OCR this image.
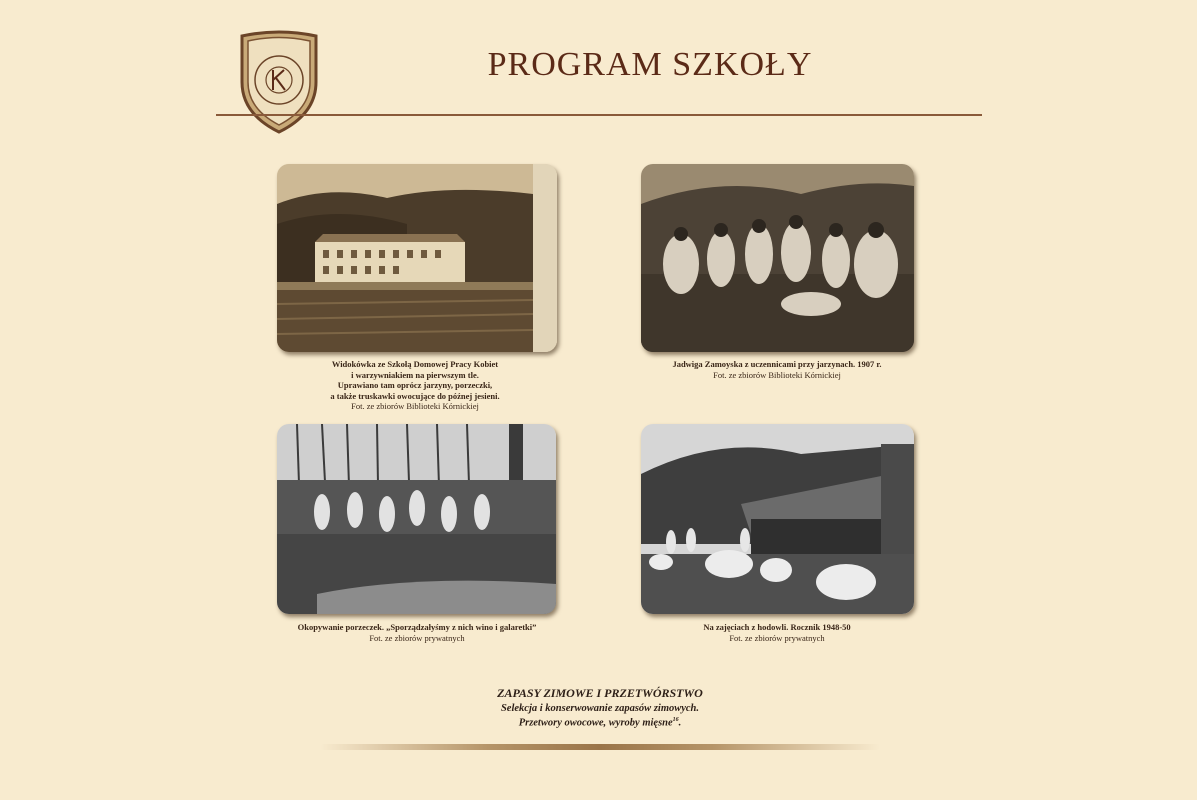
PROGRAM SZKOŁY
Widokówka ze Szkołą Domowej Pracy Kobiet
i warzywniakiem na pierwszym tle.
Uprawiano tam oprócz jarzyny, porzeczki,
a także truskawki owocujące do późnej jesieni.
Fot. ze zbiorów Biblioteki Kórnickiej
Jadwiga Zamoyska z uczennicami przy jarzynach. 1907 r.
Fot. ze zbiorów Biblioteki Kórnickiej
Okopywanie porzeczek. „Sporządzałyśmy z nich wino i galaretki”
Fot. ze zbiorów prywatnych
Na zajęciach z hodowli. Rocznik 1948-50
Fot. ze zbiorów prywatnych
ZAPASY ZIMOWE I PRZETWÓRSTWO
Selekcja i konserwowanie zapasów zimowych.
Przetwory owocowe, wyroby mięsne$^{16}$.
